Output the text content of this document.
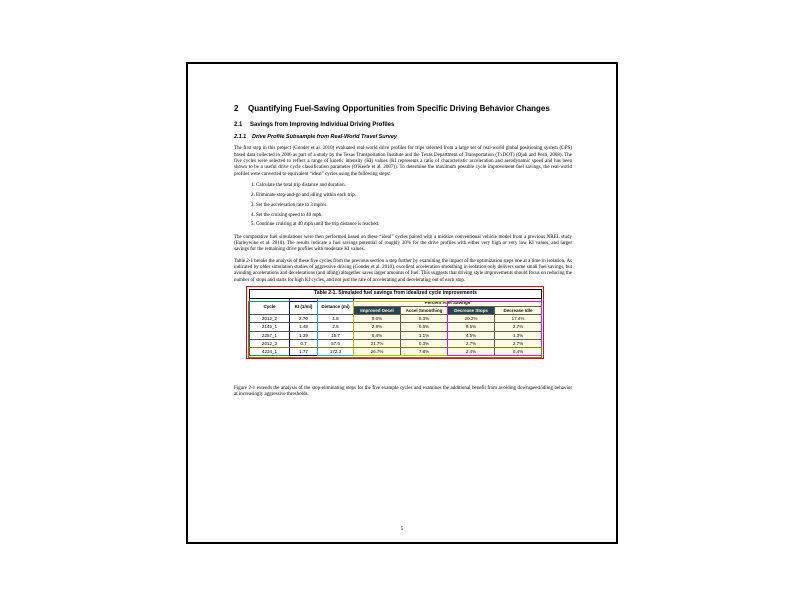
2	Quantifying Fuel-Saving Opportunities from Specific Driving Behavior Changes
2.1	Savings from Improving Individual Driving Profiles
2.1.1	Drive Profile Subsample from Real-World Travel Survey

The first step in this project (Gonder et al. 2010) evaluated real-world drive profiles for trips selected from a large set of real-world global positioning system (GPS) based data collected in 2006 as part of a study by the Texas Transportation Institute and the Texas Department of Transportation (TxDOT) (Ojah and Pesti, 2008). The five cycles were selected to reflect a range of kinetic intensity (KI) values (KI represents a ratio of characteristic acceleration and aerodynamic speed and has been shown to be a useful drive cycle classification parameter (O'Keefe et al. 2007)). To determine the maximum possible cycle improvement fuel savings, the real-world profiles were converted to equivalent “ideal” cycles using the following steps:

1. Calculate the total trip distance and duration.
2. Eliminate stop-and-go and idling within each trip.
3. Set the acceleration rate to 3 mph/s.
4. Set the cruising speed to 40 mph.
5. Continue cruising at 40 mph until the trip distance is reached.

The comparative fuel simulations were then performed based on these “ideal” cycles paired with a midsize conventional vehicle model from a previous NREL study (Earleywine et al. 2010). The results indicate a fuel savings potential of roughly 30% for the drive profiles with either very high or very low KI values, and larger savings for the remaining drive profiles with moderate KI values.

Table 2-1 breaks the analysis of these five cycles from the previous section a step further by examining the impact of the optimization steps one at a time in isolation. As indicated by older simulation studies of aggressive driving (Gonder et al. 2010), excellent acceleration smoothing in isolation only delivers some small fuel savings, but avoiding accelerations and decelerations (and idling) altogether saves larger amounts of fuel. This suggests that driving style improvements should focus on reducing the number of stops and starts for high KI cycles, and not just the rate of accelerating and decelerating out of each stop.

Table 2-1. Simulated fuel savings from idealized cycle improvements						
Cycle	KI (1/mi)	Distance (mi)	Percent Fuel Savings			
			Improved Decel	Accel Smoothing	Decrease Stops	Decrease Idle
2012_2	2.70	1.8	9.0%	0.3%	20.2%	17.4%
2145_1	1.48	2.6	2.9%	0.5%	9.5%	2.7%
2257_1	1.39	15.7	6.4%	1.1%	4.5%	1.3%
2012_3	0.7	57.6	21.7%	0.3%	2.7%	2.7%
4234_1	1.77	172.3	26.7%	7.8%	2.4%	0.4%

Figure 2-1 extends the analysis of the stop-eliminating steps for the five example cycles and examines the additional benefit from avoiding downspeed/idling behavior at increasingly aggressive thresholds.

5
